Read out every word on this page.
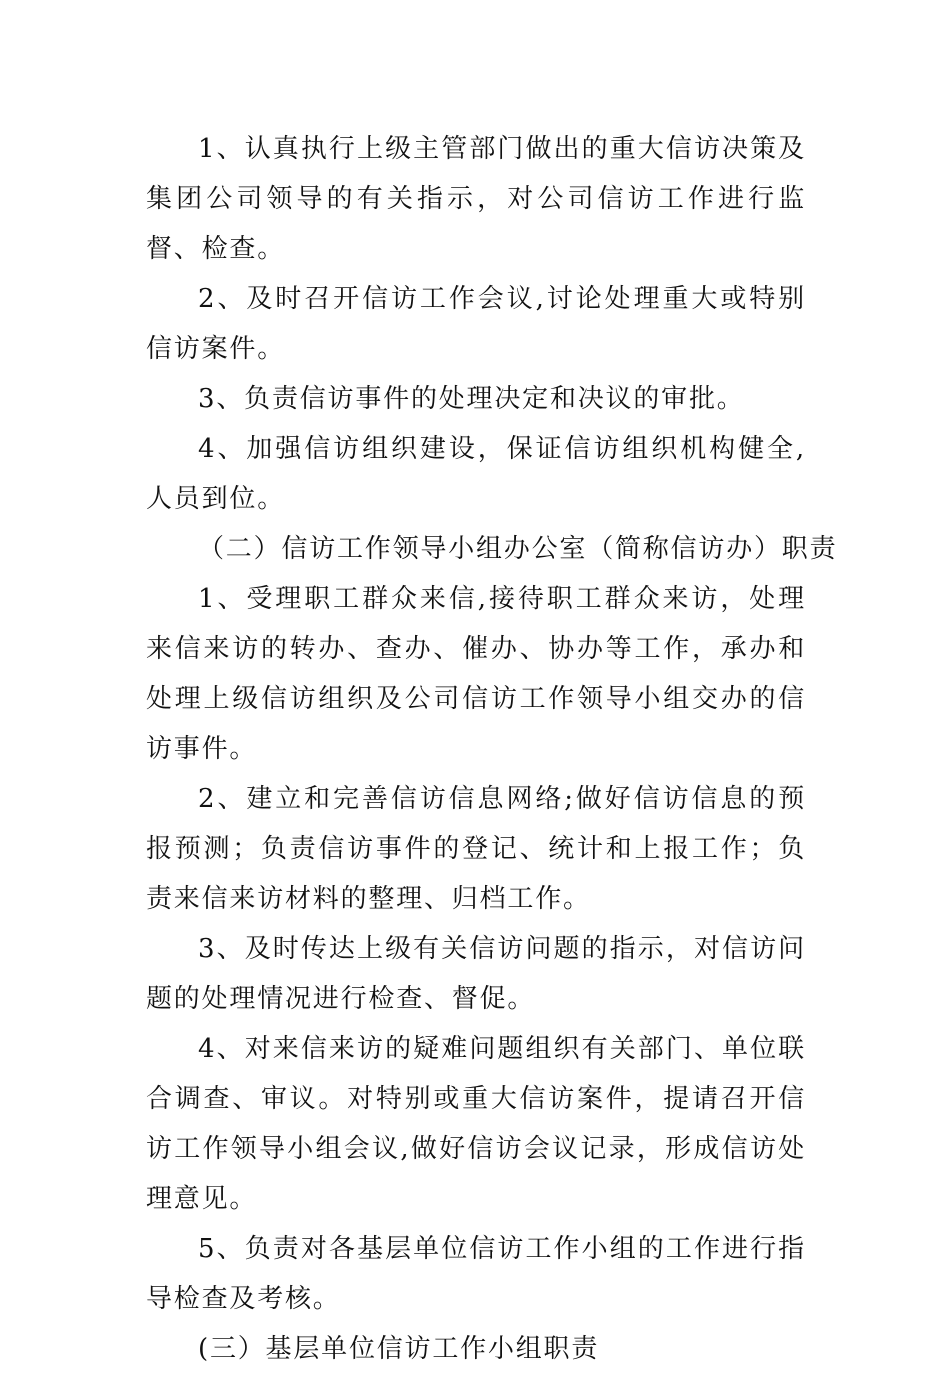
1、认真执行上级主管部门做出的重大信访决策及集团公司领导的有关指示，对公司信访工作进行监督、检查。

2、及时召开信访工作会议,讨论处理重大或特别信访案件。

3、负责信访事件的处理决定和决议的审批。

4、加强信访组织建设，保证信访组织机构健全,人员到位。

（二）信访工作领导小组办公室（简称信访办）职责

1、受理职工群众来信,接待职工群众来访，处理来信来访的转办、查办、催办、协办等工作，承办和处理上级信访组织及公司信访工作领导小组交办的信访事件。

2、建立和完善信访信息网络;做好信访信息的预报预测；负责信访事件的登记、统计和上报工作；负责来信来访材料的整理、归档工作。

3、及时传达上级有关信访问题的指示，对信访问题的处理情况进行检查、督促。

4、对来信来访的疑难问题组织有关部门、单位联合调查、审议。对特别或重大信访案件，提请召开信访工作领导小组会议,做好信访会议记录，形成信访处理意见。

5、负责对各基层单位信访工作小组的工作进行指导检查及考核。

(三）基层单位信访工作小组职责
